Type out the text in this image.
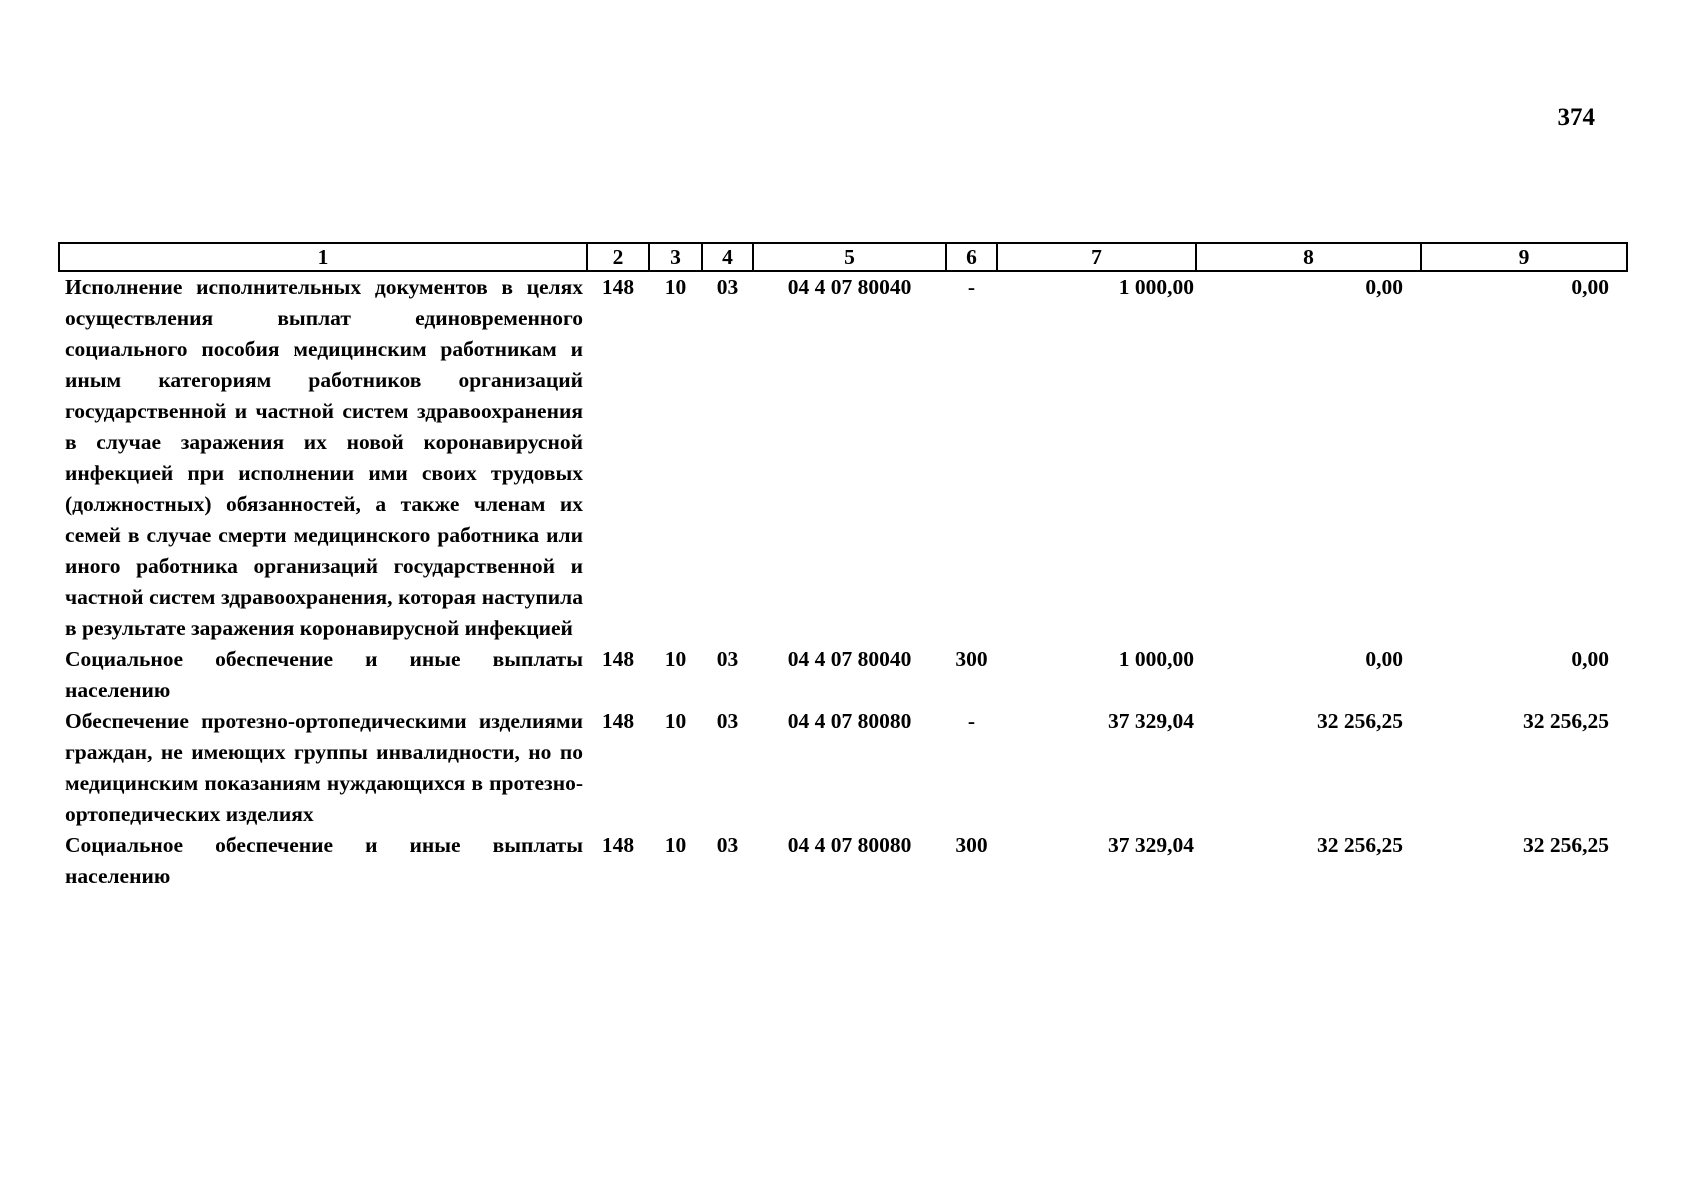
374
1	2	3	4	5	6	7	8	9
Исполнение исполнительных документов в целях осуществления выплат единовременного социального пособия медицинским работникам и иным категориям работников организаций государственной и частной систем здравоохранения в случае заражения их новой коронавирусной инфекцией при исполнении ими своих трудовых (должностных) обязанностей, а также членам их семей в случае смерти медицинского работника или иного работника организаций государственной и частной систем здравоохранения, которая наступила в результате заражения коронавирусной инфекцией	148	10	03	04 4 07 80040	-	1 000,00	0,00	0,00
Социальное обеспечение и иные выплаты населению	148	10	03	04 4 07 80040	300	1 000,00	0,00	0,00
Обеспечение протезно-ортопедическими изделиями граждан, не имеющих группы инвалидности, но по медицинским показаниям нуждающихся в протезно-ортопедических изделиях	148	10	03	04 4 07 80080	-	37 329,04	32 256,25	32 256,25
Социальное обеспечение и иные выплаты населению	148	10	03	04 4 07 80080	300	37 329,04	32 256,25	32 256,25
